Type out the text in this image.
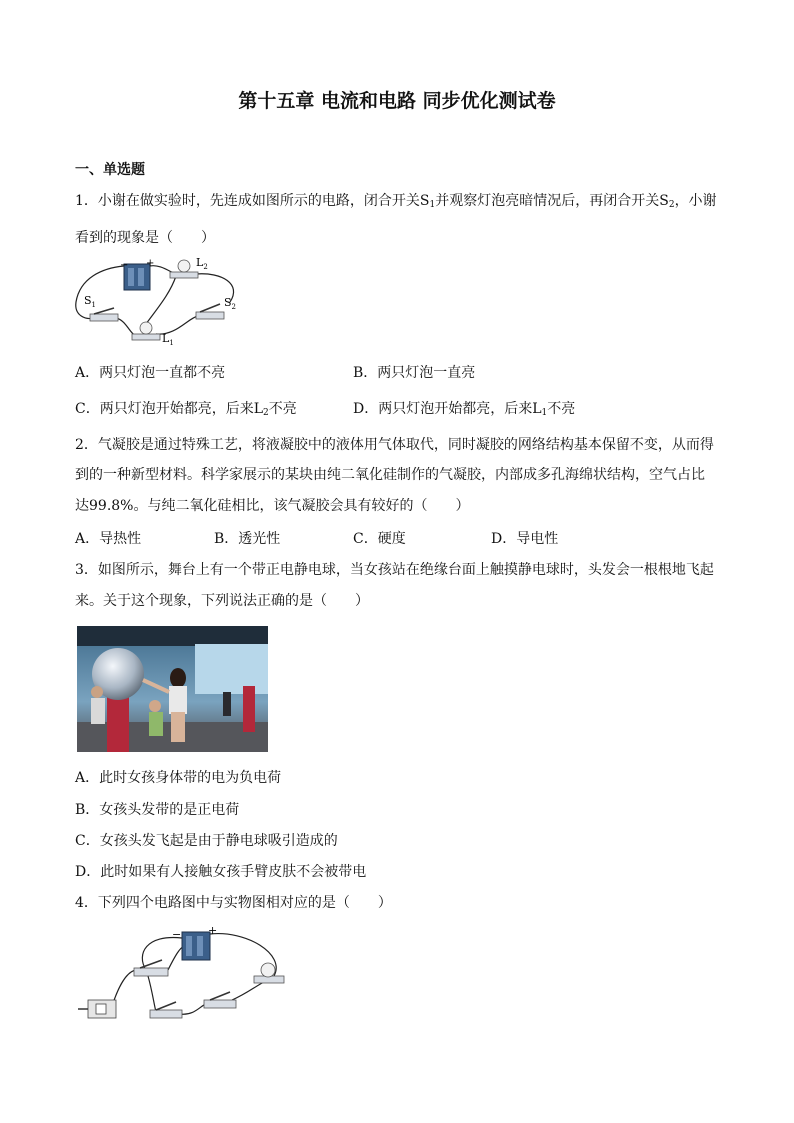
第十五章 电流和电路 同步优化测试卷
一、单选题
1．小谢在做实验时，先连成如图所示的电路，闭合开关$S_1$并观察灯泡亮暗情况后，再闭合开关$S_2$，小谢
看到的现象是（　　）
− +	$L_2$
$S_1$	$S_2$
$L_1$
A．两只灯泡一直都不亮	B．两只灯泡一直亮
C．两只灯泡开始都亮，后来$L_2$不亮	D．两只灯泡开始都亮，后来$L_1$不亮
2．气凝胶是通过特殊工艺，将液凝胶中的液体用气体取代，同时凝胶的网络结构基本保留不变，从而得
到的一种新型材料。科学家展示的某块由纯二氧化硅制作的气凝胶，内部成多孔海绵状结构，空气占比
达99.8%。与纯二氧化硅相比，该气凝胶会具有较好的（　　）
A．导热性	B．透光性	C．硬度	D．导电性
3．如图所示，舞台上有一个带正电静电球，当女孩站在绝缘台面上触摸静电球时，头发会一根根地飞起
来。关于这个现象，下列说法正确的是（　　）
A．此时女孩身体带的电为负电荷
B．女孩头发带的是正电荷
C．女孩头发飞起是由于静电球吸引造成的
D．此时如果有人接触女孩手臂皮肤不会被带电
4．下列四个电路图中与实物图相对应的是（　　）
− +
